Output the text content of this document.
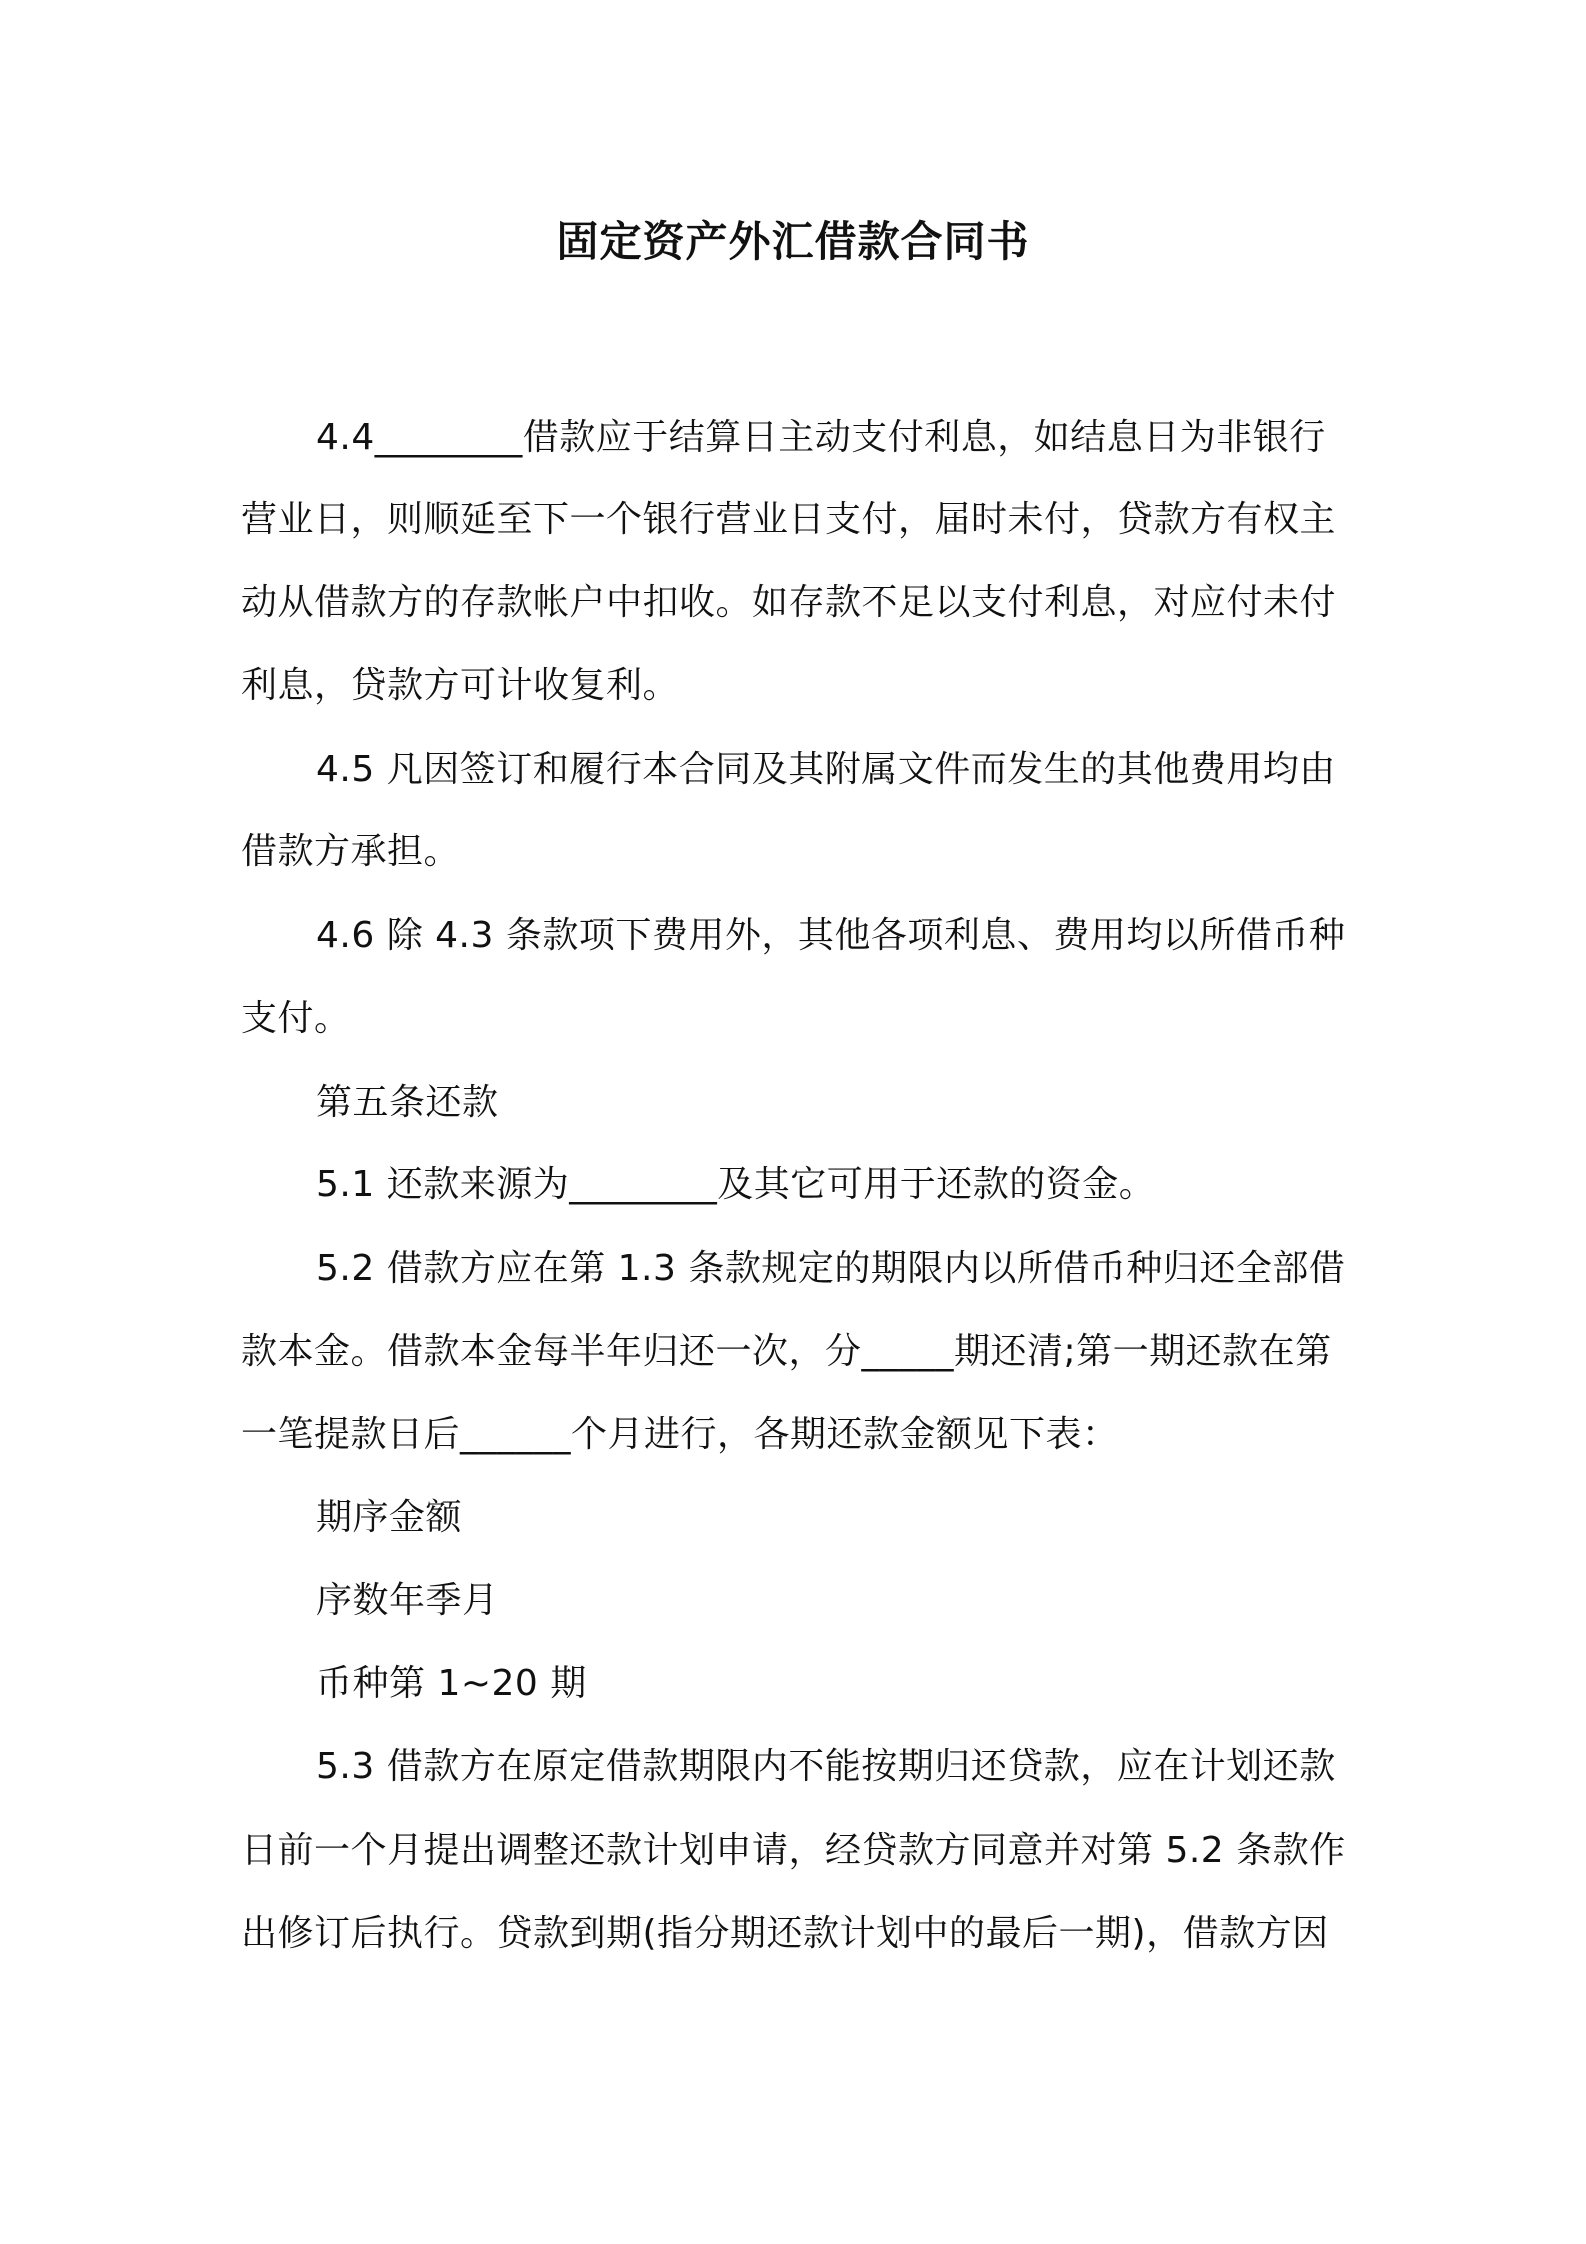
固定资产外汇借款合同书
4.4________借款应于结算日主动支付利息，如结息日为非银行
营业日，则顺延至下一个银行营业日支付，届时未付，贷款方有权主
动从借款方的存款帐户中扣收。如存款不足以支付利息，对应付未付
利息，贷款方可计收复利。
4.5 凡因签订和履行本合同及其附属文件而发生的其他费用均由
借款方承担。
4.6 除 4.3 条款项下费用外，其他各项利息、费用均以所借币种
支付。
第五条还款
5.1 还款来源为________及其它可用于还款的资金。
5.2 借款方应在第 1.3 条款规定的期限内以所借币种归还全部借
款本金。借款本金每半年归还一次，分_____期还清;第一期还款在第
一笔提款日后______个月进行，各期还款金额见下表：
期序金额
序数年季月
币种第 1~20 期
5.3 借款方在原定借款期限内不能按期归还贷款，应在计划还款
日前一个月提出调整还款计划申请，经贷款方同意并对第 5.2 条款作
出修订后执行。贷款到期(指分期还款计划中的最后一期)，借款方因
